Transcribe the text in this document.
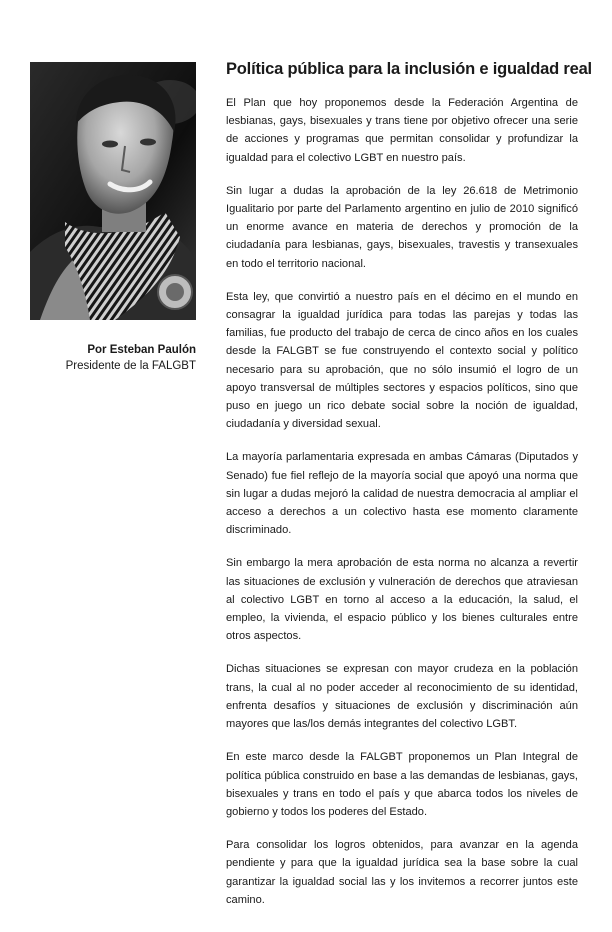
Por Esteban Paulón
Presidente de la FALGBT
Política pública para la inclusión e igualdad real

El Plan que hoy proponemos desde la Federación Argentina de lesbianas, gays, bisexuales y trans tiene por objetivo ofrecer una serie de acciones y programas que permitan consolidar y profundizar la igualdad para el colectivo LGBT en nuestro país.

Sin lugar a dudas la aprobación de la ley 26.618 de Metrimonio Igualitario por parte del Parlamento argentino en julio de 2010 significó un enorme avance en materia de derechos y promoción de la ciudadanía para lesbianas, gays, bisexuales, travestis y transexuales en todo el territorio nacional.

Esta ley, que convirtió a nuestro país en el décimo en el mundo en consagrar la igualdad jurídica para todas las parejas y todas las familias, fue producto del trabajo de cerca de cinco años en los cuales desde la FALGBT se fue construyendo el contexto social y político necesario para su aprobación, que no sólo insumió el logro de un apoyo transversal de múltiples sectores y espacios políticos, sino que puso en juego un rico debate social sobre la noción de igualdad, ciudadanía y diversidad sexual.

La mayoría parlamentaria expresada en ambas Cámaras (Diputados y Senado) fue fiel reflejo de la mayoría social que apoyó una norma que sin lugar a dudas mejoró la calidad de nuestra democracia al ampliar el acceso a derechos a un colectivo hasta ese momento claramente discriminado.

Sin embargo la mera aprobación de esta norma no alcanza a revertir las situaciones de exclusión y vulneración de derechos que atraviesan al colectivo LGBT en torno al acceso a la educación, la salud, el empleo, la vivienda, el espacio público y los bienes culturales entre otros aspectos.

Dichas situaciones se expresan con mayor crudeza en la población trans, la cual al no poder acceder al reconocimiento de su identidad, enfrenta desafíos y situaciones de exclusión y discriminación aún mayores que las/los demás integrantes del colectivo LGBT.

En este marco desde la FALGBT proponemos un Plan Integral de política pública construido en base a las demandas de lesbianas, gays, bisexuales y trans en todo el país y que abarca todos los niveles de gobierno y todos los poderes del Estado.

Para consolidar los logros obtenidos, para avanzar en la agenda pendiente y para que la igualdad jurídica sea la base sobre la cual garantizar la igualdad social las y los invitemos a recorrer juntos este camino.
